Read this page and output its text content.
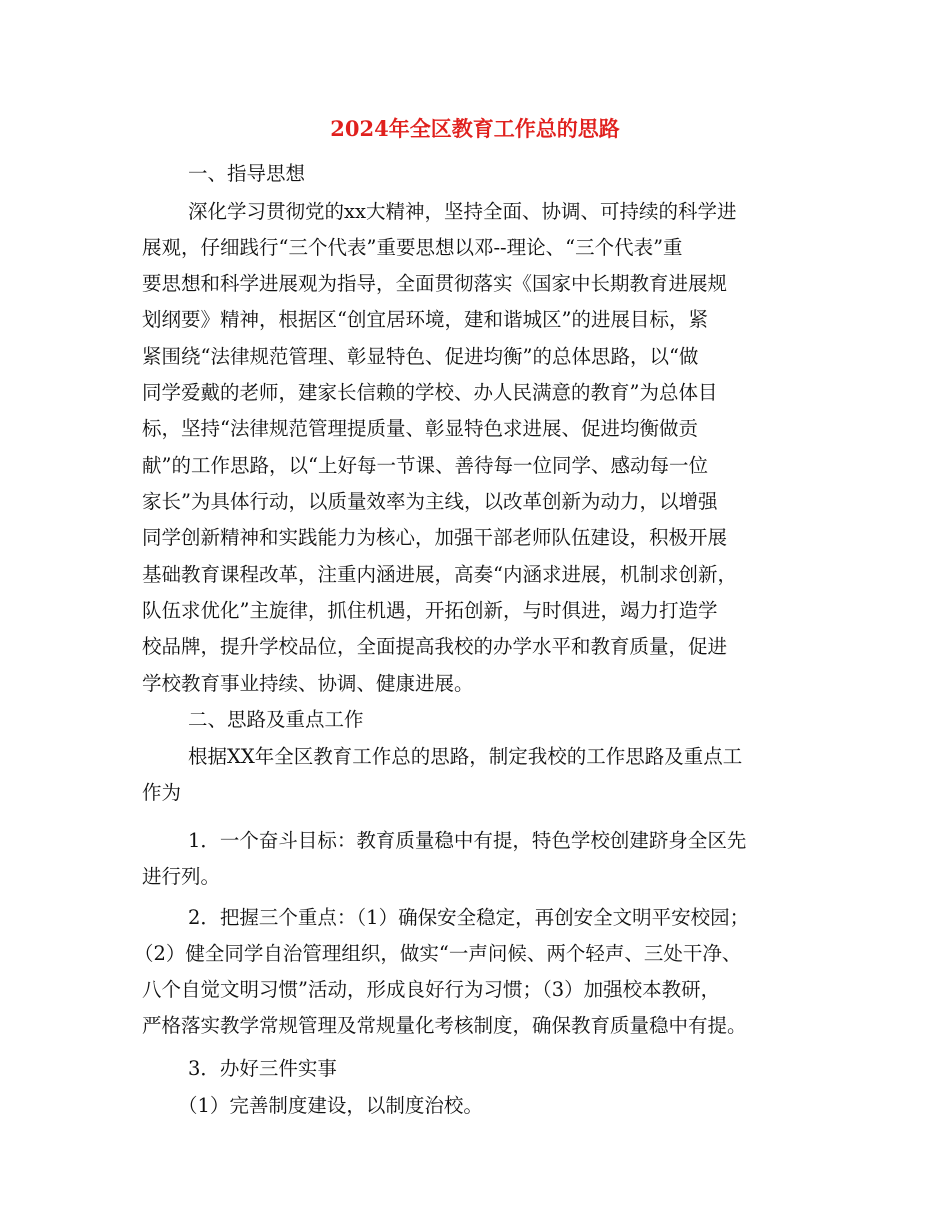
2024年全区教育工作总的思路
一、指导思想
深化学习贯彻党的xx大精神，坚持全面、协调、可持续的科学进
展观，仔细践行“三个代表”重要思想以邓--理论、“三个代表”重
要思想和科学进展观为指导，全面贯彻落实《国家中长期教育进展规
划纲要》精神，根据区“创宜居环境，建和谐城区”的进展目标，紧
紧围绕“法律规范管理、彰显特色、促进均衡”的总体思路，以“做
同学爱戴的老师，建家长信赖的学校、办人民满意的教育”为总体目
标，坚持“法律规范管理提质量、彰显特色求进展、促进均衡做贡
献”的工作思路，以“上好每一节课、善待每一位同学、感动每一位
家长”为具体行动，以质量效率为主线，以改革创新为动力，以增强
同学创新精神和实践能力为核心，加强干部老师队伍建设，积极开展
基础教育课程改革，注重内涵进展，高奏“内涵求进展，机制求创新，
队伍求优化”主旋律，抓住机遇，开拓创新，与时俱进，竭力打造学
校品牌，提升学校品位，全面提高我校的办学水平和教育质量，促进
学校教育事业持续、协调、健康进展。
二、思路及重点工作
根据XX年全区教育工作总的思路，制定我校的工作思路及重点工
作为
1．一个奋斗目标：教育质量稳中有提，特色学校创建跻身全区先
进行列。
2．把握三个重点：（1）确保安全稳定，再创安全文明平安校园；
（2）健全同学自治管理组织，做实“一声问候、两个轻声、三处干净、
八个自觉文明习惯”活动，形成良好行为习惯；（3）加强校本教研，
严格落实教学常规管理及常规量化考核制度，确保教育质量稳中有提。
3．办好三件实事
（1）完善制度建设，以制度治校。
